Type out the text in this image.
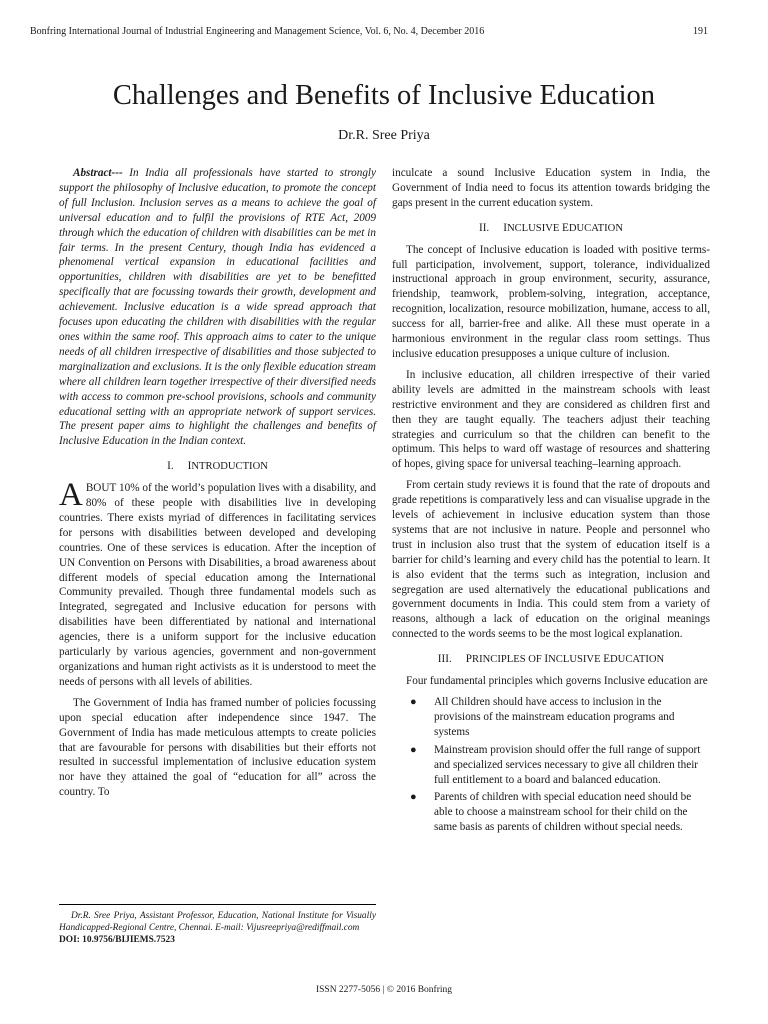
Bonfring International Journal of Industrial Engineering and Management Science, Vol. 6, No. 4, December 2016	191
Challenges and Benefits of Inclusive Education
Dr.R. Sree Priya

Abstract--- In India all professionals have started to strongly support the philosophy of Inclusive education, to promote the concept of full Inclusion. Inclusion serves as a means to achieve the goal of universal education and to fulfil the provisions of RTE Act, 2009 through which the education of children with disabilities can be met in fair terms. In the present Century, though India has evidenced a phenomenal vertical expansion in educational facilities and opportunities, children with disabilities are yet to be benefitted specifically that are focussing towards their growth, development and achievement. Inclusive education is a wide spread approach that focuses upon educating the children with disabilities with the regular ones within the same roof. This approach aims to cater to the unique needs of all children irrespective of disabilities and those subjected to marginalization and exclusions. It is the only flexible education stream where all children learn together irrespective of their diversified needs with access to common pre-school provisions, schools and community educational setting with an appropriate network of support services. The present paper aims to highlight the challenges and benefits of Inclusive Education in the Indian context.

I. INTRODUCTION

ABOUT 10% of the world’s population lives with a disability, and 80% of these people with disabilities live in developing countries. There exists myriad of differences in facilitating services for persons with disabilities between developed and developing countries. One of these services is education. After the inception of UN Convention on Persons with Disabilities, a broad awareness about different models of special education among the International Community prevailed. Though three fundamental models such as Integrated, segregated and Inclusive education for persons with disabilities have been differentiated by national and international agencies, there is a uniform support for the inclusive education particularly by various agencies, government and non-government organizations and human right activists as it is understood to meet the needs of persons with all levels of abilities.

The Government of India has framed number of policies focussing upon special education after independence since 1947. The Government of India has made meticulous attempts to create policies that are favourable for persons with disabilities but their efforts not resulted in successful implementation of inclusive education system nor have they attained the goal of “education for all” across the country. To

inculcate a sound Inclusive Education system in India, the Government of India need to focus its attention towards bridging the gaps present in the current education system.

II. INCLUSIVE EDUCATION

The concept of Inclusive education is loaded with positive terms-full participation, involvement, support, tolerance, individualized instructional approach in group environment, security, assurance, friendship, teamwork, problem-solving, integration, acceptance, recognition, localization, resource mobilization, humane, access to all, success for all, barrier-free and alike. All these must operate in a harmonious environment in the regular class room settings. Thus inclusive education presupposes a unique culture of inclusion.

In inclusive education, all children irrespective of their varied ability levels are admitted in the mainstream schools with least restrictive environment and they are considered as children first and then they are taught equally. The teachers adjust their teaching strategies and curriculum so that the children can benefit to the optimum. This helps to ward off wastage of resources and shattering of hopes, giving space for universal teaching–learning approach.

From certain study reviews it is found that the rate of dropouts and grade repetitions is comparatively less and can visualise upgrade in the levels of achievement in inclusive education system than those systems that are not inclusive in nature. People and personnel who trust in inclusion also trust that the system of education itself is a barrier for child’s learning and every child has the potential to learn. It is also evident that the terms such as integration, inclusion and segregation are used alternatively the educational publications and government documents in India. This could stem from a variety of reasons, although a lack of education on the original meanings connected to the words seems to be the most logical explanation.

III. PRINCIPLES OF INCLUSIVE EDUCATION

Four fundamental principles which governs Inclusive education are

● All Children should have access to inclusion in the provisions of the mainstream education programs and systems
● Mainstream provision should offer the full range of support and specialized services necessary to give all children their full entitlement to a board and balanced education.
● Parents of children with special education need should be able to choose a mainstream school for their child on the same basis as parents of children without special needs.

Dr.R. Sree Priya, Assistant Professor, Education, National Institute for Visually Handicapped-Regional Centre, Chennai. E-mail: Vijusreepriya@rediffmail.com

DOI: 10.9756/BIJIEMS.7523

ISSN 2277-5056 | © 2016 Bonfring
